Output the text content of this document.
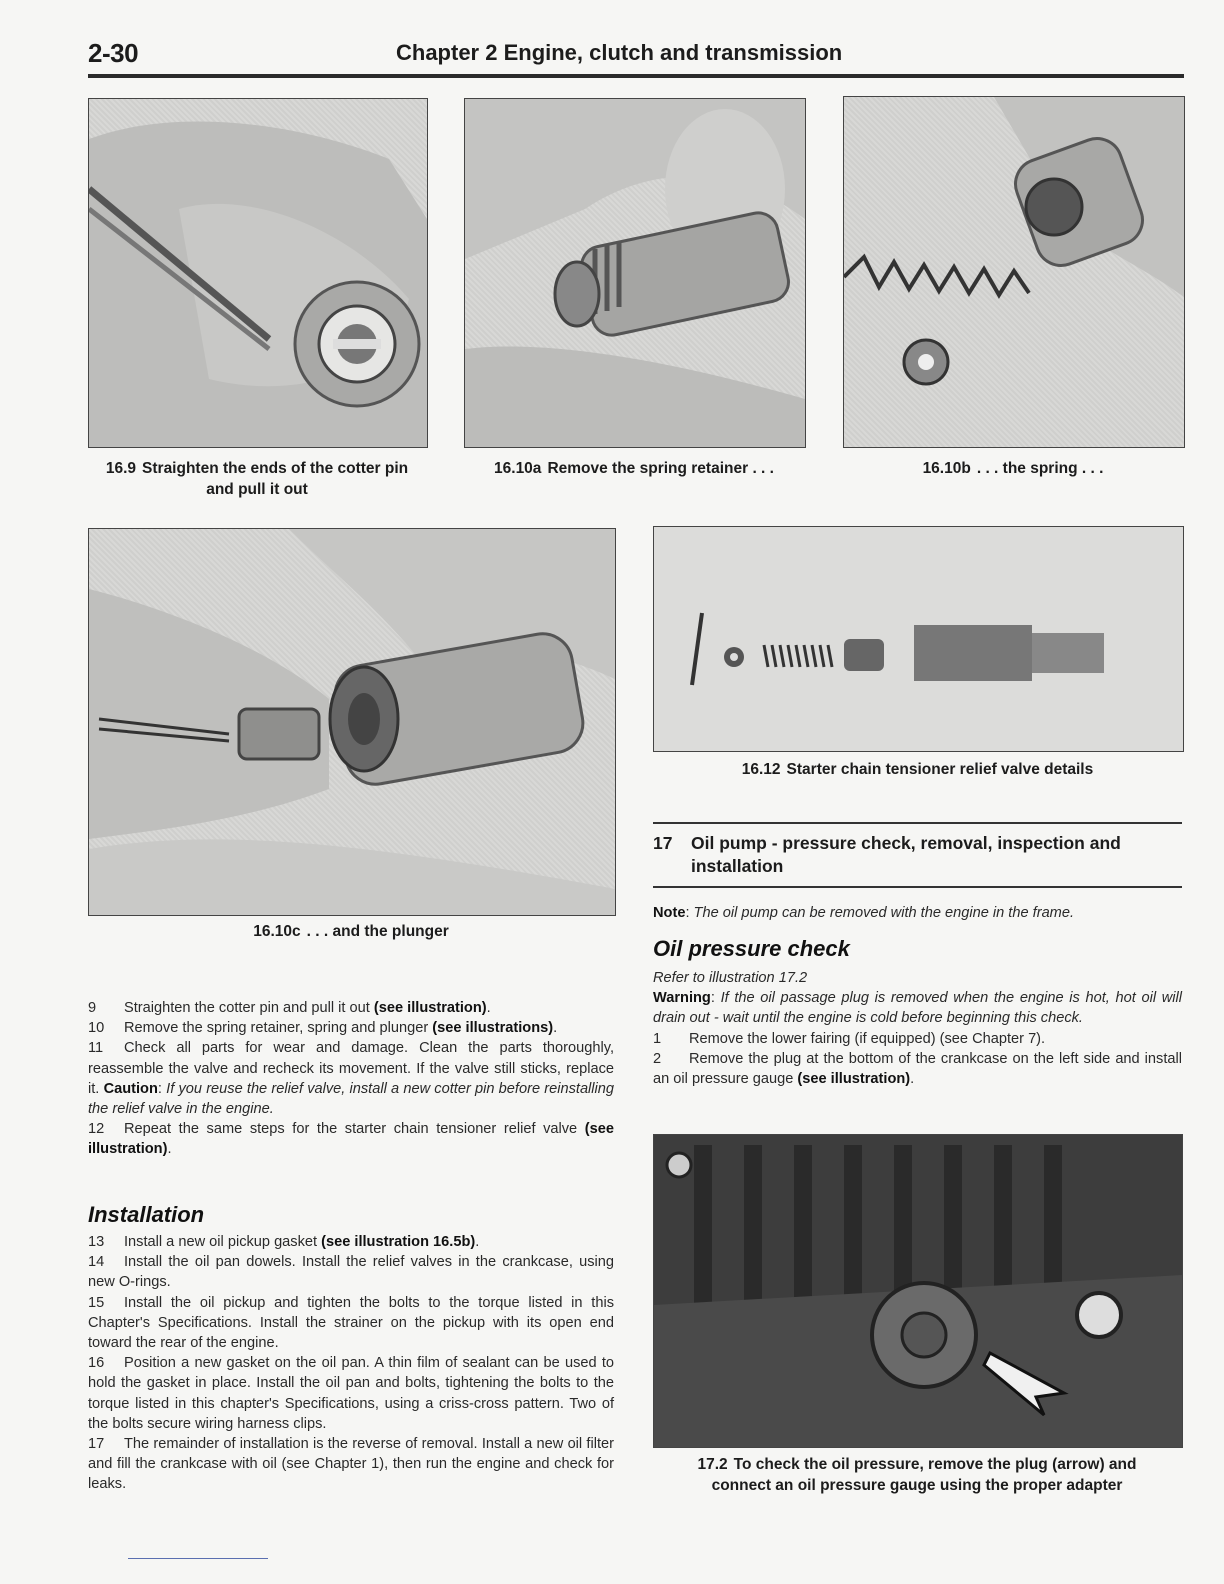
2-30	Chapter 2 Engine, clutch and transmission
16.9 Straighten the ends of the cotter pin
and pull it out
16.10a Remove the spring retainer . . .	16.10b . . . the spring . . .
16.10c . . . and the plunger
16.12 Starter chain tensioner relief valve details
17 Oil pump - pressure check, removal, inspection and
installation

Note: The oil pump can be removed with the engine in the frame.

Oil pressure check

Refer to illustration 17.2

Warning: If the oil passage plug is removed when the engine is hot, hot oil will drain out - wait until the engine is cold before beginning this check.

1 Remove the lower fairing (if equipped) (see Chapter 7).

2 Remove the plug at the bottom of the crankcase on the left side and install an oil pressure gauge (see illustration).

17.2 To check the oil pressure, remove the plug (arrow) and
connect an oil pressure gauge using the proper adapter

9 Straighten the cotter pin and pull it out (see illustration).

10 Remove the spring retainer, spring and plunger (see illustrations).

11 Check all parts for wear and damage. Clean the parts thoroughly, reassemble the valve and recheck its movement. If the valve still sticks, replace it. Caution: If you reuse the relief valve, install a new cotter pin before reinstalling the relief valve in the engine.

12 Repeat the same steps for the starter chain tensioner relief valve (see illustration).

Installation

13 Install a new oil pickup gasket (see illustration 16.5b).

14 Install the oil pan dowels. Install the relief valves in the crankcase, using new O-rings.

15 Install the oil pickup and tighten the bolts to the torque listed in this Chapter's Specifications. Install the strainer on the pickup with its open end toward the rear of the engine.

16 Position a new gasket on the oil pan. A thin film of sealant can be used to hold the gasket in place. Install the oil pan and bolts, tightening the bolts to the torque listed in this chapter's Specifications, using a criss-cross pattern. Two of the bolts secure wiring harness clips.

17 The remainder of installation is the reverse of removal. Install a new oil filter and fill the crankcase with oil (see Chapter 1), then run the engine and check for leaks.
